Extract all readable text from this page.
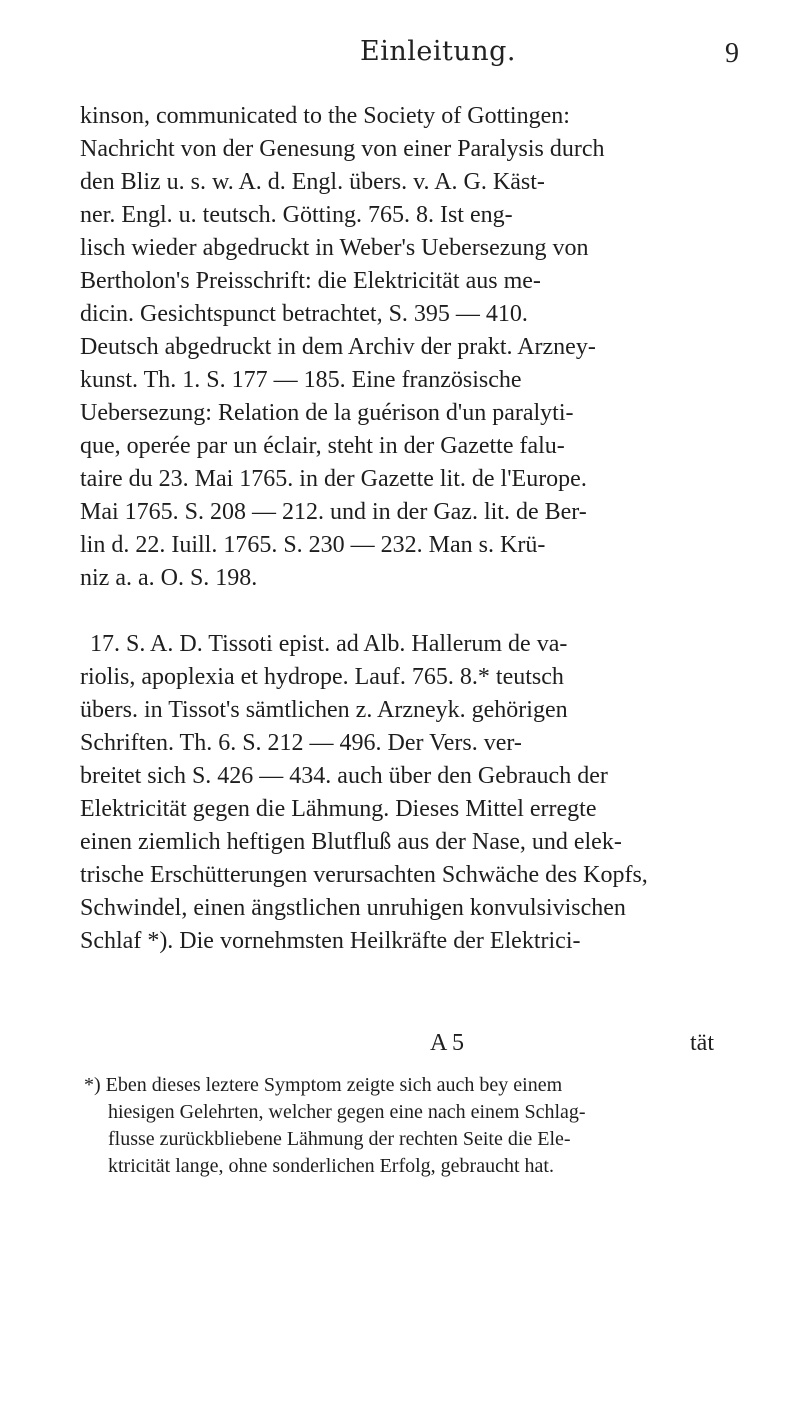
Einleitung.	9
kinson, communicated to the Society of Gottingen:
Nachricht von der Genesung von einer Paralysis durch
den Bliz u. s. w. A. d. Engl. übers. v. A. G. Käst-
ner. Engl. u. teutsch. Götting. 765. 8. Ist eng-
lisch wieder abgedruckt in Weber's Uebersezung von
Bertholon's Preisschrift: die Elektricität aus me-
dicin. Gesichtspunct betrachtet, S. 395 — 410.
Deutsch abgedruckt in dem Archiv der prakt. Arzney-
kunst. Th. 1. S. 177 — 185. Eine französische
Uebersezung: Relation de la guérison d'un paralyti-
que, operée par un éclair, steht in der Gazette falu-
taire du 23. Mai 1765. in der Gazette lit. de l'Europe.
Mai 1765. S. 208 — 212. und in der Gaz. lit. de Ber-
lin d. 22. Iuill. 1765. S. 230 — 232. Man s. Krü-
niz a. a. O. S. 198.
17. S. A. D. Tissoti epist. ad Alb. Hallerum de va-
riolis, apoplexia et hydrope. Lauf. 765. 8.* teutsch
übers. in Tissot's sämtlichen z. Arzneyk. gehörigen
Schriften. Th. 6. S. 212 — 496. Der Vers. ver-
breitet sich S. 426 — 434. auch über den Gebrauch der
Elektricität gegen die Lähmung. Dieses Mittel erregte
einen ziemlich heftigen Blutfluß aus der Nase, und elek-
trische Erschütterungen verursachten Schwäche des Kopfs,
Schwindel, einen ängstlichen unruhigen konvulsivischen
Schlaf *). Die vornehmsten Heilkräfte der Elektrici-
A 5	tät
*) Eben dieses leztere Symptom zeigte sich auch bey einem
hiesigen Gelehrten, welcher gegen eine nach einem Schlag-
flusse zurückbliebene Lähmung der rechten Seite die Ele-
ktricität lange, ohne sonderlichen Erfolg, gebraucht hat.
